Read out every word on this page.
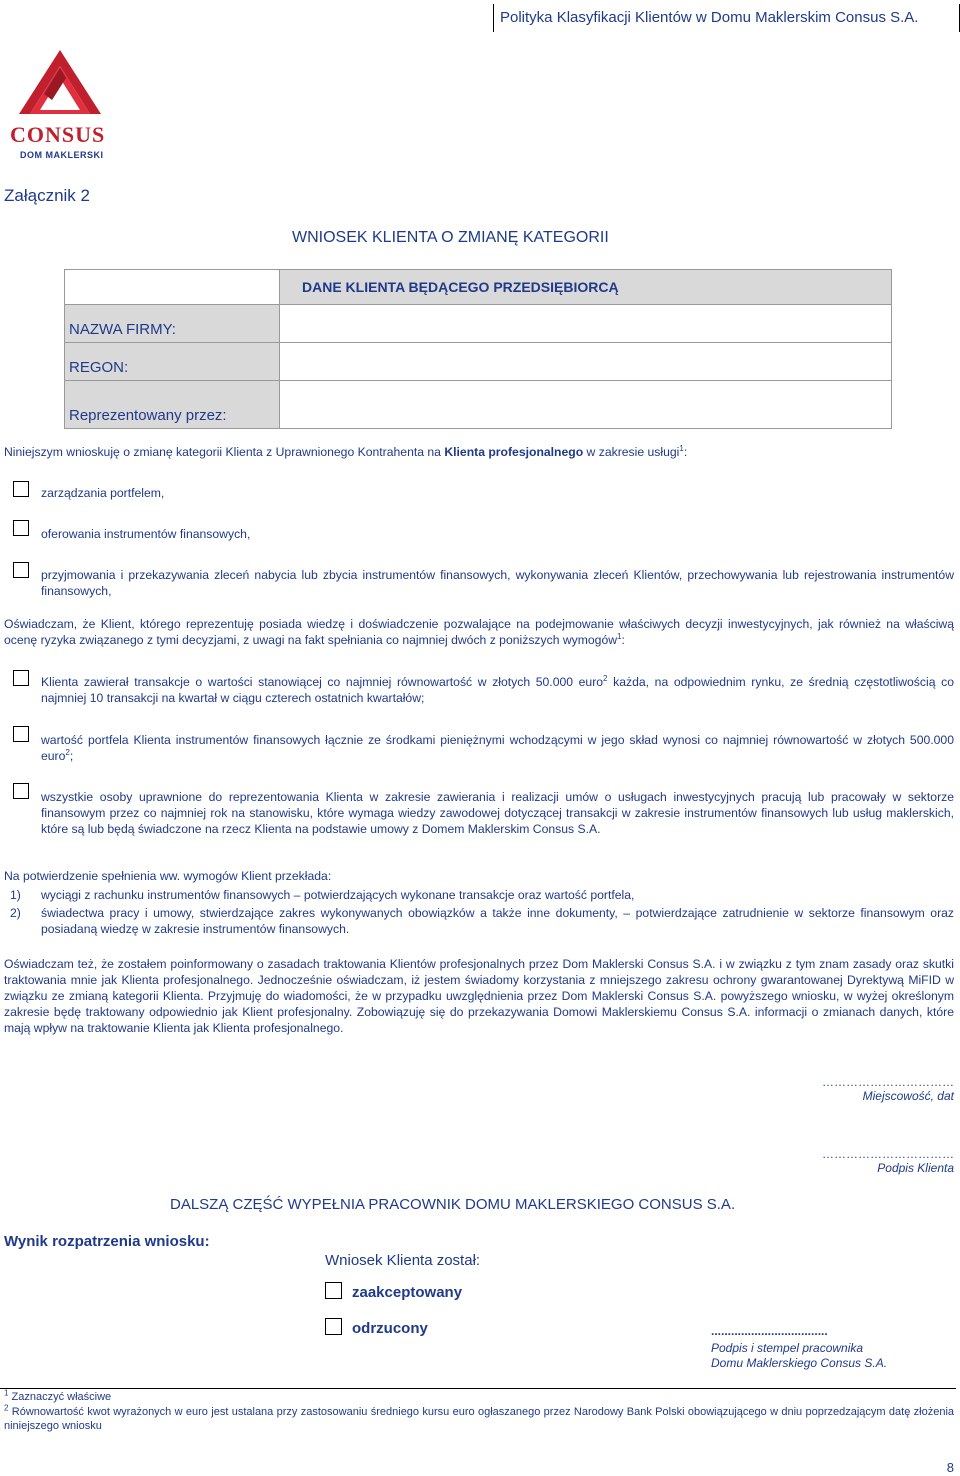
Polityka Klasyfikacji Klientów w Domu Maklerskim Consus S.A.
CONSUS
DOM MAKLERSKI
Załącznik 2
WNIOSEK KLIENTA O ZMIANĘ KATEGORII
	DANE KLIENTA BĘDĄCEGO PRZEDSIĘBIORCĄ
NAZWA FIRMY:	
REGON:	
Reprezentowany przez:	
Niniejszym wnioskuję o zmianę kategorii Klienta z Uprawnionego Kontrahenta na Klienta profesjonalnego w zakresie usługi$^1$:
zarządzania portfelem,
oferowania instrumentów finansowych,
przyjmowania i przekazywania zleceń nabycia lub zbycia instrumentów finansowych, wykonywania zleceń Klientów, przechowywania lub rejestrowania instrumentów finansowych,
Oświadczam, że Klient, którego reprezentuję posiada wiedzę i doświadczenie pozwalające na podejmowanie właściwych decyzji inwestycyjnych, jak również na właściwą ocenę ryzyka związanego z tymi decyzjami, z uwagi na fakt spełniania co najmniej dwóch z poniższych wymogów$^1$:
Klienta zawierał transakcje o wartości stanowiącej co najmniej równowartość w złotych 50.000 euro$^2$ każda, na odpowiednim rynku, ze średnią częstotliwością co najmniej 10 transakcji na kwartał w ciągu czterech ostatnich kwartałów;
wartość portfela Klienta instrumentów finansowych łącznie ze środkami pieniężnymi wchodzącymi w jego skład wynosi co najmniej równowartość w złotych 500.000 euro$^2$;
wszystkie osoby uprawnione do reprezentowania Klienta w zakresie zawierania i realizacji umów o usługach inwestycyjnych pracują lub pracowały w sektorze finansowym przez co najmniej rok na stanowisku, które wymaga wiedzy zawodowej dotyczącej transakcji w zakresie instrumentów finansowych lub usług maklerskich, które są lub będą świadczone na rzecz Klienta na podstawie umowy z Domem Maklerskim Consus S.A.
Na potwierdzenie spełnienia ww. wymogów Klient przekłada:
1) wyciągi z rachunku instrumentów finansowych – potwierdzających wykonane transakcje oraz wartość portfela,
2) świadectwa pracy i umowy, stwierdzające zakres wykonywanych obowiązków a także inne dokumenty, – potwierdzające zatrudnienie w sektorze finansowym oraz posiadaną wiedzę w zakresie instrumentów finansowych.
Oświadczam też, że zostałem poinformowany o zasadach traktowania Klientów profesjonalnych przez Dom Maklerski Consus S.A. i w związku z tym znam zasady oraz skutki traktowania mnie jak Klienta profesjonalnego. Jednocześnie oświadczam, iż jestem świadomy korzystania z mniejszego zakresu ochrony gwarantowanej Dyrektywą MiFID w związku ze zmianą kategorii Klienta. Przyjmuję do wiadomości, że w przypadku uwzględnienia przez Dom Maklerski Consus S.A. powyższego wniosku, w wyżej określonym zakresie będę traktowany odpowiednio jak Klient profesjonalny. Zobowiązuję się do przekazywania Domowi Maklerskiemu Consus S.A. informacji o zmianach danych, które mają wpływ na traktowanie Klienta jak Klienta profesjonalnego.
……………………………
Miejscowość, dat
……………………………
Podpis Klienta
DALSZĄ CZĘŚĆ WYPEŁNIA PRACOWNIK DOMU MAKLERSKIEGO CONSUS S.A.
Wynik rozpatrzenia wniosku:
Wniosek Klienta został:
zaakceptowany
odrzucony	...................................
Podpis i stempel pracownika
Domu Maklerskiego Consus S.A.
$^1$ Zaznaczyć właściwe
$^2$ Równowartość kwot wyrażonych w euro jest ustalana przy zastosowaniu średniego kursu euro ogłaszanego przez Narodowy Bank Polski obowiązującego w dniu poprzedzającym datę złożenia niniejszego wniosku
8
